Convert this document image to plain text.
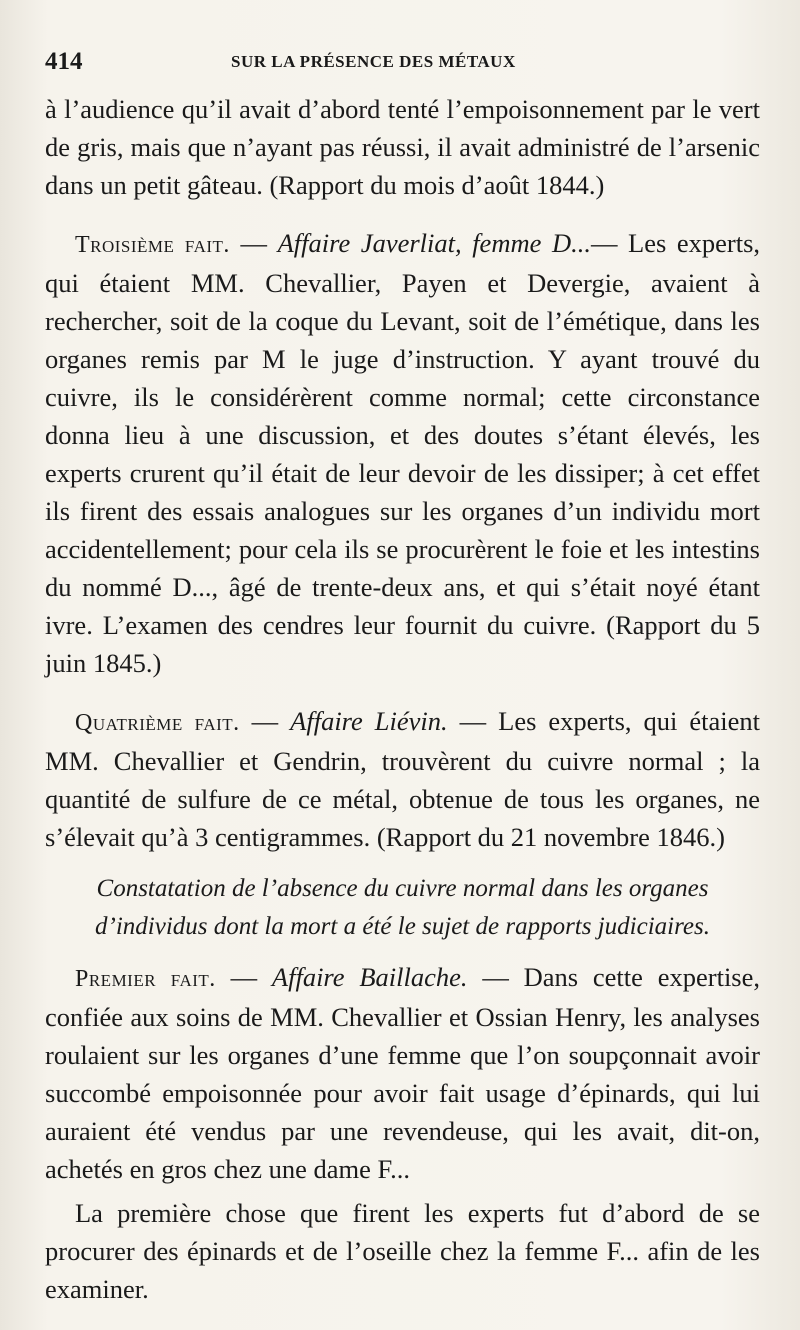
414	SUR LA PRÉSENCE DES MÉTAUX

à l’audience qu’il avait d’abord tenté l’empoisonnement par le vert de gris, mais que n’ayant pas réussi, il avait administré de l’arsenic dans un petit gâteau. (Rapport du mois d’août 1844.)

Troisième fait. — Affaire Javerliat, femme D...— Les experts, qui étaient MM. Chevallier, Payen et Devergie, avaient à rechercher, soit de la coque du Levant, soit de l’émétique, dans les organes remis par M le juge d’instruction. Y ayant trouvé du cuivre, ils le considérèrent comme normal; cette circonstance donna lieu à une discussion, et des doutes s’étant élevés, les experts crurent qu’il était de leur devoir de les dissiper; à cet effet ils firent des essais analogues sur les organes d’un individu mort accidentellement; pour cela ils se procurèrent le foie et les intestins du nommé D..., âgé de trente-deux ans, et qui s’était noyé étant ivre. L’examen des cendres leur fournit du cuivre. (Rapport du 5 juin 1845.)

Quatrième fait. — Affaire Liévin. — Les experts, qui étaient MM. Chevallier et Gendrin, trouvèrent du cuivre normal ; la quantité de sulfure de ce métal, obtenue de tous les organes, ne s’élevait qu’à 3 centigrammes. (Rapport du 21 novembre 1846.)

Constatation de l’absence du cuivre normal dans les organes
d’individus dont la mort a été le sujet de rapports judiciaires.

Premier fait. — Affaire Baillache. — Dans cette expertise, confiée aux soins de MM. Chevallier et Ossian Henry, les analyses roulaient sur les organes d’une femme que l’on soupçonnait avoir succombé empoisonnée pour avoir fait usage d’épinards, qui lui auraient été vendus par une revendeuse, qui les avait, dit-on, achetés en gros chez une dame F...

La première chose que firent les experts fut d’abord de se procurer des épinards et de l’oseille chez la femme F... afin de les examiner.
